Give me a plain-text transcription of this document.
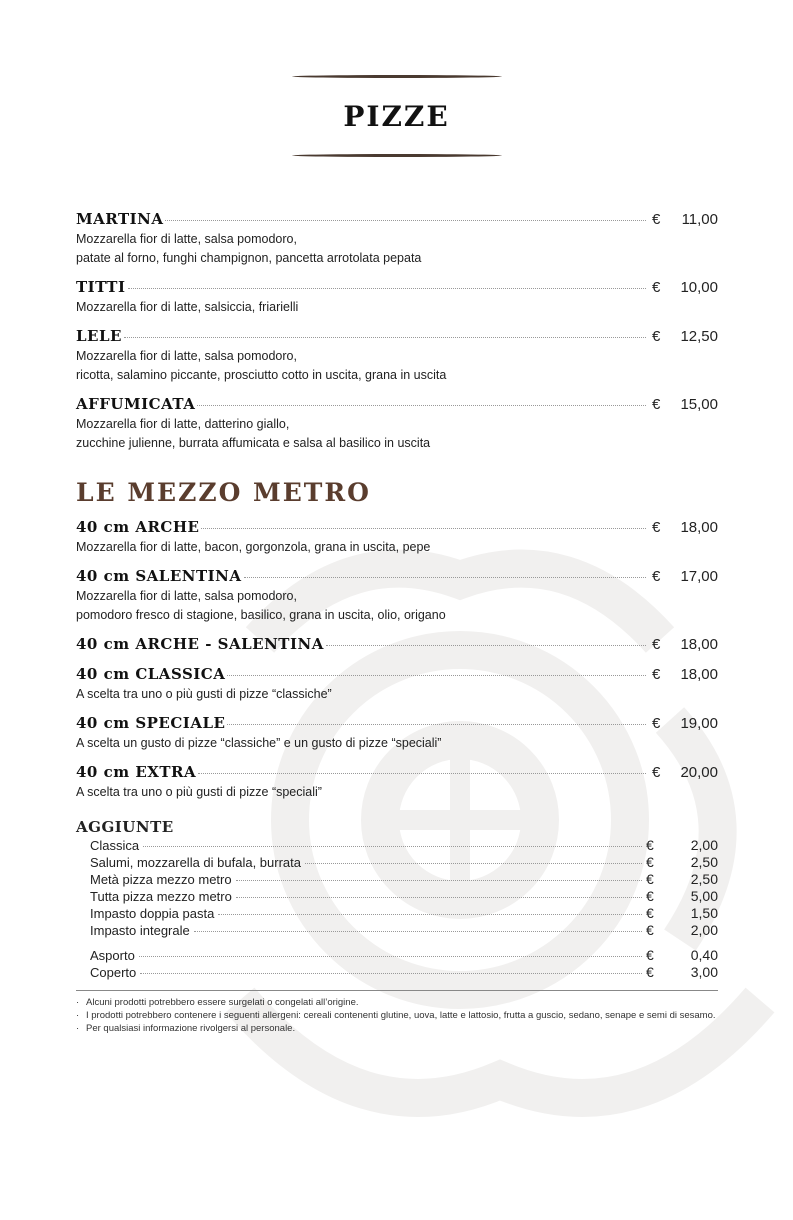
PIZZE
MARTINA	€	11,00
Mozzarella fior di latte, salsa pomodoro,
patate al forno, funghi champignon, pancetta arrotolata pepata
TITTI	€	10,00
Mozzarella fior di latte, salsiccia, friarielli
LELE	€	12,50
Mozzarella fior di latte, salsa pomodoro,
ricotta, salamino piccante, prosciutto cotto in uscita, grana in uscita
AFFUMICATA	€	15,00
Mozzarella fior di latte, datterino giallo,
zucchine julienne, burrata affumicata e salsa al basilico in uscita
LE MEZZO METRO
40 cm ARCHE	€	18,00
Mozzarella fior di latte, bacon, gorgonzola, grana in uscita, pepe
40 cm SALENTINA	€	17,00
Mozzarella fior di latte, salsa pomodoro,
pomodoro fresco di stagione, basilico, grana in uscita, olio, origano
40 cm ARCHE - SALENTINA	€	18,00
40 cm CLASSICA	€	18,00
A scelta tra uno o più gusti di pizze “classiche”
40 cm SPECIALE	€	19,00
A scelta un gusto di pizze “classiche” e un gusto di pizze “speciali”
40 cm EXTRA	€	20,00
A scelta tra uno o più gusti di pizze “speciali”
AGGIUNTE
Classica	€	2,00
Salumi, mozzarella di bufala, burrata	€	2,50
Metà pizza mezzo metro	€	2,50
Tutta pizza mezzo metro	€	5,00
Impasto doppia pasta	€	1,50
Impasto integrale	€	2,00
Asporto	€	0,40
Coperto	€	3,00
· Alcuni prodotti potrebbero essere surgelati o congelati all’origine.
· I prodotti potrebbero contenere i seguenti allergeni: cereali contenenti glutine, uova, latte e lattosio, frutta a guscio, sedano, senape e semi di sesamo.
· Per qualsiasi informazione rivolgersi al personale.
